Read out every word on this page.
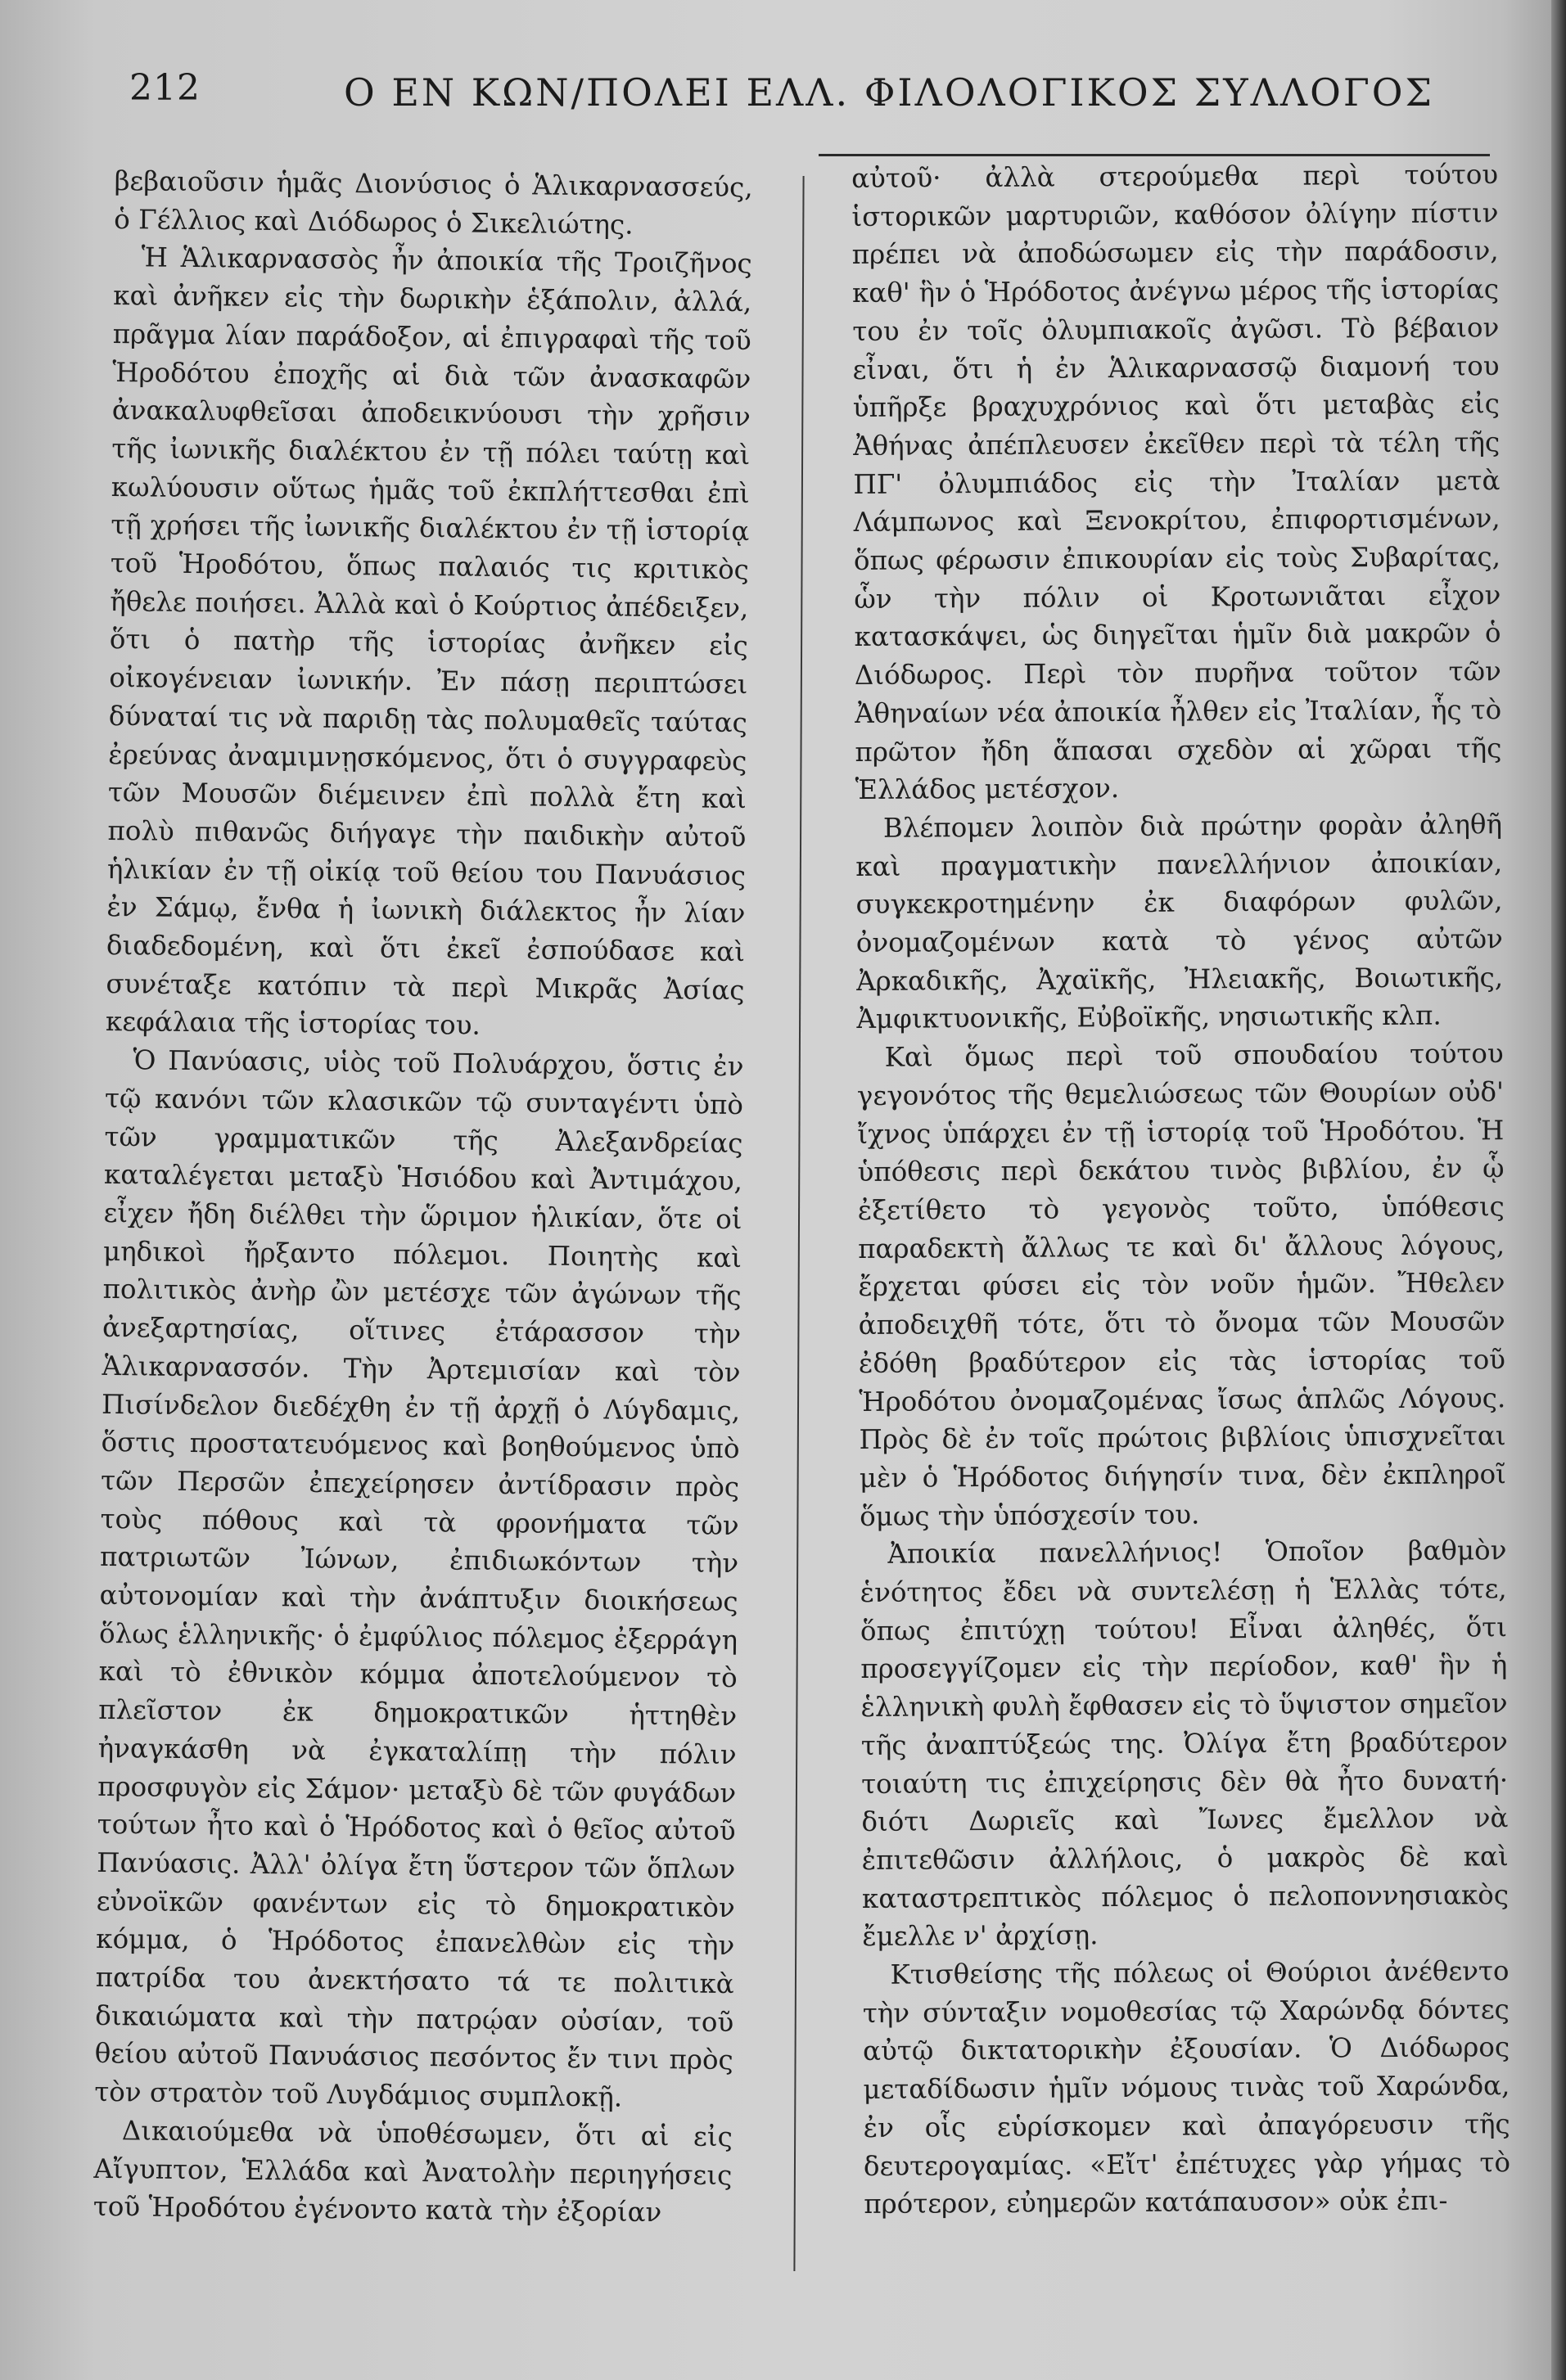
212	Ο ΕΝ ΚΩΝ/ΠΟΛΕΙ ΕΛΛ. ΦΙΛΟΛΟΓΙΚΟΣ ΣΥΛΛΟΓΟΣ

βεβαιοῦσιν ἡμᾶς Διονύσιος ὁ Ἁλικαρνασσεύς, ὁ Γέλλιος καὶ Διόδωρος ὁ Σικελιώτης.

Ἡ Ἁλικαρνασσὸς ἦν ἀποικία τῆς Τροιζῆνος καὶ ἀνῆκεν εἰς τὴν δωρικὴν ἑξάπολιν, ἀλλά, πρᾶγμα λίαν παράδοξον, αἱ ἐπιγραφαὶ τῆς τοῦ Ἡροδότου ἐποχῆς αἱ διὰ τῶν ἀνασκαφῶν ἀνακαλυφθεῖσαι ἀποδεικνύουσι τὴν χρῆσιν τῆς ἰωνικῆς διαλέκτου ἐν τῇ πόλει ταύτῃ καὶ κωλύουσιν οὕτως ἡμᾶς τοῦ ἐκπλήττεσθαι ἐπὶ τῇ χρήσει τῆς ἰωνικῆς διαλέκτου ἐν τῇ ἱστορίᾳ τοῦ Ἡροδότου, ὅπως παλαιός τις κριτικὸς ἤθελε ποιήσει. Ἀλλὰ καὶ ὁ Κούρτιος ἀπέδειξεν, ὅτι ὁ πατὴρ τῆς ἱστορίας ἀνῆκεν εἰς οἰκογένειαν ἰωνικήν. Ἐν πάσῃ περιπτώσει δύναταί τις νὰ παριδῃ τὰς πολυμαθεῖς ταύτας ἐρεύνας ἀναμιμνῃσκόμενος, ὅτι ὁ συγγραφεὺς τῶν Μουσῶν διέμεινεν ἐπὶ πολλὰ ἔτη καὶ πολὺ πιθανῶς διήγαγε τὴν παιδικὴν αὐτοῦ ἡλικίαν ἐν τῇ οἰκίᾳ τοῦ θείου του Πανυάσιος ἐν Σάμῳ, ἔνθα ἡ ἰωνικὴ διάλεκτος ἦν λίαν διαδεδομένη, καὶ ὅτι ἐκεῖ ἐσπούδασε καὶ συνέταξε κατόπιν τὰ περὶ Μικρᾶς Ἀσίας κεφάλαια τῆς ἱστορίας του.

Ὁ Πανύασις, υἱὸς τοῦ Πολυάρχου, ὅστις ἐν τῷ κανόνι τῶν κλασικῶν τῷ συνταγέντι ὑπὸ τῶν γραμματικῶν τῆς Ἀλεξανδρείας καταλέγεται μεταξὺ Ἡσιόδου καὶ Ἀντιμάχου, εἶχεν ἤδη διέλθει τὴν ὥριμον ἡλικίαν, ὅτε οἱ μηδικοὶ ἤρξαντο πόλεμοι. Ποιητὴς καὶ πολιτικὸς ἀνὴρ ὢν μετέσχε τῶν ἀγώνων τῆς ἀνεξαρτησίας, οἵτινες ἐτάρασσον τὴν Ἁλικαρνασσόν. Τὴν Ἀρτεμισίαν καὶ τὸν Πισίνδελον διεδέχθη ἐν τῇ ἀρχῇ ὁ Λύγδαμις, ὅστις προστατευόμενος καὶ βοηθούμενος ὑπὸ τῶν Περσῶν ἐπεχείρησεν ἀντίδρασιν πρὸς τοὺς πόθους καὶ τὰ φρονήματα τῶν πατριωτῶν Ἰώνων, ἐπιδιωκόντων τὴν αὐτονομίαν καὶ τὴν ἀνάπτυξιν διοικήσεως ὅλως ἑλληνικῆς· ὁ ἐμφύλιος πόλεμος ἐξερράγη καὶ τὸ ἐθνικὸν κόμμα ἀποτελούμενον τὸ πλεῖστον ἐκ δημοκρατικῶν ἡττηθὲν ἠναγκάσθη νὰ ἐγκαταλίπῃ τὴν πόλιν προσφυγὸν εἰς Σάμον· μεταξὺ δὲ τῶν φυγάδων τούτων ἦτο καὶ ὁ Ἡρόδοτος καὶ ὁ θεῖος αὐτοῦ Πανύασις. Ἀλλ' ὀλίγα ἔτη ὕστερον τῶν ὅπλων εὐνοϊκῶν φανέντων εἰς τὸ δημοκρατικὸν κόμμα, ὁ Ἡρόδοτος ἐπανελθὼν εἰς τὴν πατρίδα του ἀνεκτήσατο τά τε πολιτικὰ δικαιώματα καὶ τὴν πατρῴαν οὐσίαν, τοῦ θείου αὐτοῦ Πανυάσιος πεσόντος ἔν τινι πρὸς τὸν στρατὸν τοῦ Λυγδάμιος συμπλοκῇ.

Δικαιούμεθα νὰ ὑποθέσωμεν, ὅτι αἱ εἰς Αἴγυπτον, Ἑλλάδα καὶ Ἀνατολὴν περιηγήσεις τοῦ Ἡροδότου ἐγένοντο κατὰ τὴν ἐξορίαν

αὐτοῦ· ἀλλὰ στερούμεθα περὶ τούτου ἱστορικῶν μαρτυριῶν, καθόσον ὀλίγην πίστιν πρέπει νὰ ἀποδώσωμεν εἰς τὴν παράδοσιν, καθ' ἣν ὁ Ἡρόδοτος ἀνέγνω μέρος τῆς ἱστορίας του ἐν τοῖς ὀλυμπιακοῖς ἀγῶσι. Τὸ βέβαιον εἶναι, ὅτι ἡ ἐν Ἁλικαρνασσῷ διαμονή του ὑπῆρξε βραχυχρόνιος καὶ ὅτι μεταβὰς εἰς Ἀθήνας ἀπέπλευσεν ἐκεῖθεν περὶ τὰ τέλη τῆς ΠΓ' ὀλυμπιάδος εἰς τὴν Ἰταλίαν μετὰ Λάμπωνος καὶ Ξενοκρίτου, ἐπιφορτισμένων, ὅπως φέρωσιν ἐπικουρίαν εἰς τοὺς Συβαρίτας, ὧν τὴν πόλιν οἱ Κροτωνιᾶται εἶχον κατασκάψει, ὡς διηγεῖται ἡμῖν διὰ μακρῶν ὁ Διόδωρος. Περὶ τὸν πυρῆνα τοῦτον τῶν Ἀθηναίων νέα ἀποικία ἦλθεν εἰς Ἰταλίαν, ἧς τὸ πρῶτον ἤδη ἅπασαι σχεδὸν αἱ χῶραι τῆς Ἑλλάδος μετέσχον.

Βλέπομεν λοιπὸν διὰ πρώτην φορὰν ἀληθῆ καὶ πραγματικὴν πανελλήνιον ἀποικίαν, συγκεκροτημένην ἐκ διαφόρων φυλῶν, ὀνομαζομένων κατὰ τὸ γένος αὐτῶν Ἀρκαδικῆς, Ἀχαϊκῆς, Ἠλειακῆς, Βοιωτικῆς, Ἀμφικτυονικῆς, Εὐβοϊκῆς, νησιωτικῆς κλπ.

Καὶ ὅμως περὶ τοῦ σπουδαίου τούτου γεγονότος τῆς θεμελιώσεως τῶν Θουρίων οὐδ' ἴχνος ὑπάρχει ἐν τῇ ἱστορίᾳ τοῦ Ἡροδότου. Ἡ ὑπόθεσις περὶ δεκάτου τινὸς βιβλίου, ἐν ᾧ ἐξετίθετο τὸ γεγονὸς τοῦτο, ὑπόθεσις παραδεκτὴ ἄλλως τε καὶ δι' ἄλλους λόγους, ἔρχεται φύσει εἰς τὸν νοῦν ἡμῶν. Ἤθελεν ἀποδειχθῆ τότε, ὅτι τὸ ὄνομα τῶν Μουσῶν ἐδόθη βραδύτερον εἰς τὰς ἱστορίας τοῦ Ἡροδότου ὀνομαζομένας ἴσως ἁπλῶς Λόγους. Πρὸς δὲ ἐν τοῖς πρώτοις βιβλίοις ὑπισχνεῖται μὲν ὁ Ἡρόδοτος διήγησίν τινα, δὲν ἐκπληροῖ ὅμως τὴν ὑπόσχεσίν του.

Ἀποικία πανελλήνιος! Ὁποῖον βαθμὸν ἑνότητος ἔδει νὰ συντελέσῃ ἡ Ἑλλὰς τότε, ὅπως ἐπιτύχῃ τούτου! Εἶναι ἀληθές, ὅτι προσεγγίζομεν εἰς τὴν περίοδον, καθ' ἣν ἡ ἑλληνικὴ φυλὴ ἔφθασεν εἰς τὸ ὕψιστον σημεῖον τῆς ἀναπτύξεώς της. Ὀλίγα ἔτη βραδύτερον τοιαύτη τις ἐπιχείρησις δὲν θὰ ἦτο δυνατή· διότι Δωριεῖς καὶ Ἴωνες ἔμελλον νὰ ἐπιτεθῶσιν ἀλλήλοις, ὁ μακρὸς δὲ καὶ καταστρεπτικὸς πόλεμος ὁ πελοποννησιακὸς ἔμελλε ν' ἀρχίσῃ.

Κτισθείσης τῆς πόλεως οἱ Θούριοι ἀνέθεντο τὴν σύνταξιν νομοθεσίας τῷ Χαρώνδᾳ δόντες αὐτῷ δικτατορικὴν ἐξουσίαν. Ὁ Διόδωρος μεταδίδωσιν ἡμῖν νόμους τινὰς τοῦ Χαρώνδα, ἐν οἷς εὑρίσκομεν καὶ ἀπαγόρευσιν τῆς δευτερογαμίας. «Εἴτ' ἐπέτυχες γὰρ γήμας τὸ πρότερον, εὐημερῶν κατάπαυσον» οὐκ ἐπι-
